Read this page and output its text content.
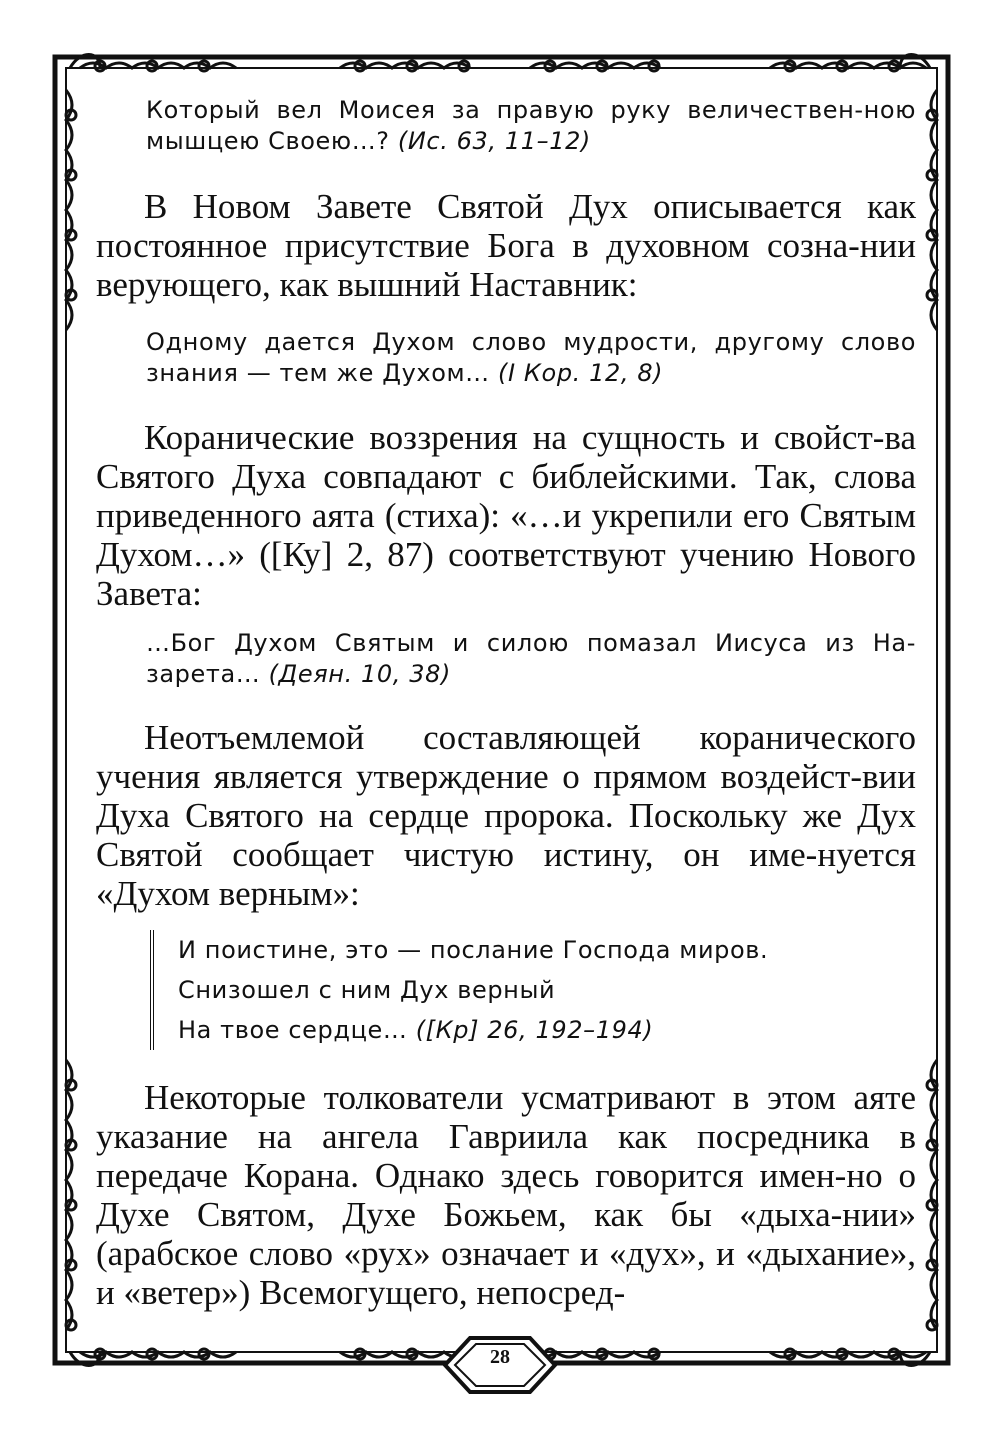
Который вел Моисея за правую руку величествен-ною мышцею Своею…? (Ис. 63, 11–12)

В Новом Завете Святой Дух описывается как постоянное присутствие Бога в духовном созна-нии верующего, как вышний Наставник:

Одному дается Духом слово мудрости, другому слово знания — тем же Духом… (I Кор. 12, 8)

Коранические воззрения на сущность и свойст-ва Святого Духа совпадают с библейскими. Так, слова приведенного аята (стиха): «…и укрепили его Святым Духом…» ([Ку] 2, 87) соответствуют учению Нового Завета:

…Бог Духом Святым и силою помазал Иисуса из На-зарета… (Деян. 10, 38)

Неотъемлемой составляющей коранического учения является утверждение о прямом воздейст-вии Духа Святого на сердце пророка. Поскольку же Дух Святой сообщает чистую истину, он име-нуется «Духом верным»:

И поистине, это — послание Господа миров.
Снизошел с ним Дух верный
На твое сердце… ([Кр] 26, 192–194)

Некоторые толкователи усматривают в этом аяте указание на ангела Гавриила как посредника в передаче Корана. Однако здесь говорится имен-но о Духе Святом, Духе Божьем, как бы «дыха-нии» (арабское слово «рух» означает и «дух», и «дыхание», и «ветер») Всемогущего, непосред-

28
